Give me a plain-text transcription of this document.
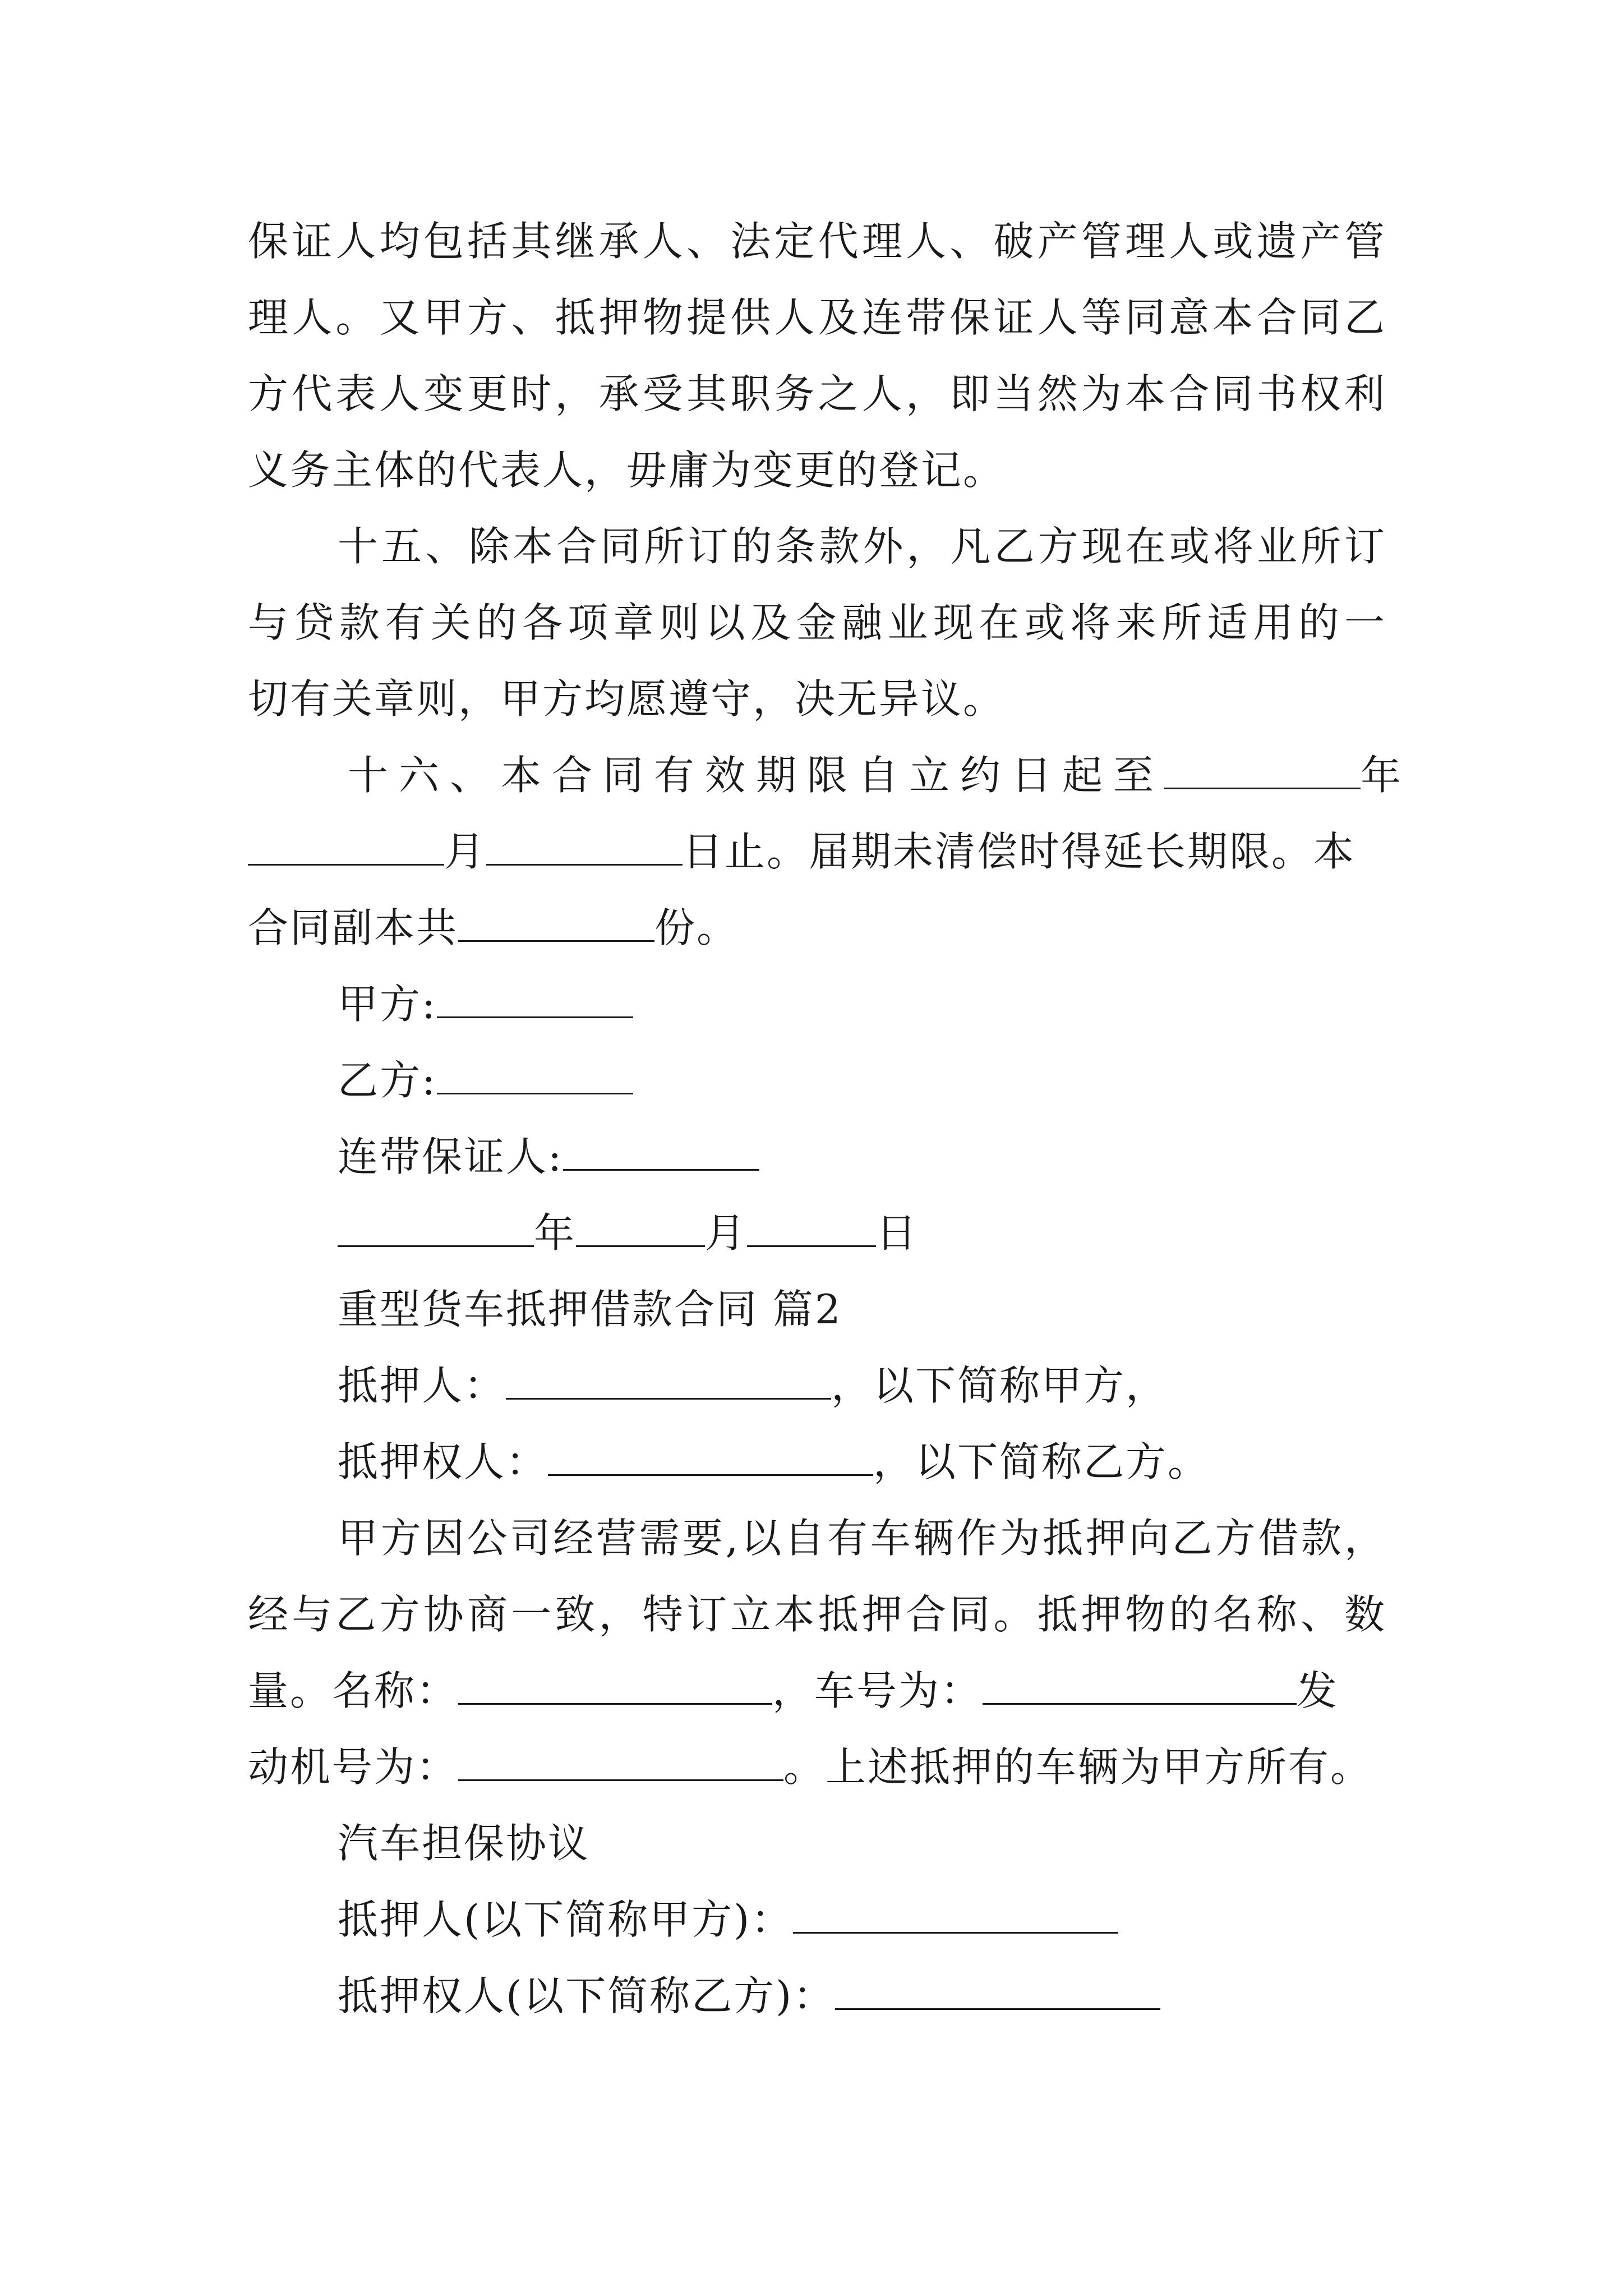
保证人均包括其继承人、法定代理人、破产管理人或遗产管
理人。又甲方、抵押物提供人及连带保证人等同意本合同乙
方代表人变更时，承受其职务之人，即当然为本合同书权利
义务主体的代表人，毋庸为变更的登记。
十五、除本合同所订的条款外，凡乙方现在或将业所订
与贷款有关的各项章则以及金融业现在或将来所适用的一
切有关章则，甲方均愿遵守，决无异议。
十六、本合同有效期限自立约日起至	年
月	日止。届期未清偿时得延长期限。本
合同副本共	份。
甲方:
乙方:
连带保证人:
年	月	日
重型货车抵押借款合同 篇2
抵押人：	，以下简称甲方，
抵押权人：	，以下简称乙方。
甲方因公司经营需要,以自有车辆作为抵押向乙方借款，
经与乙方协商一致，特订立本抵押合同。抵押物的名称、数
量。名称：	，车号为：	发
动机号为：	。上述抵押的车辆为甲方所有。
汽车担保协议
抵押人(以下简称甲方)：
抵押权人(以下简称乙方)：
